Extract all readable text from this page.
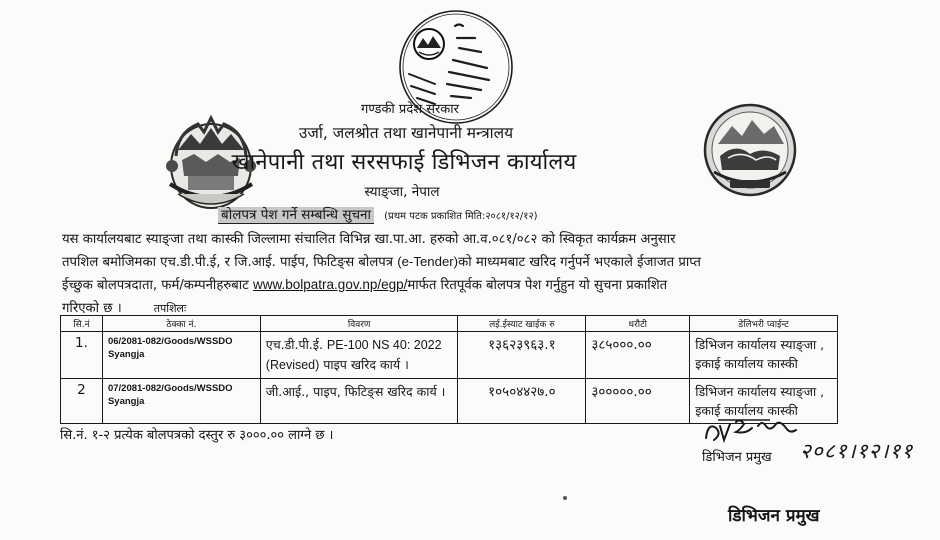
गण्डकी प्रदेश सरकार
उर्जा, जलश्रोत तथा खानेपानी मन्त्रालय
खानेपानी तथा सरसफाई डिभिजन कार्यालय
स्याङ्जा, नेपाल
बोलपत्र पेश गर्ने सम्बन्धि सुचना (प्रथम पटक प्रकाशित मिति:२०८१/१२/१२)
यस कार्यालयबाट स्याङ्जा तथा कास्की जिल्लामा संचालित विभिन्न खा.पा.आ. हरुको आ.व.०८१/०८२ को स्विकृत कार्यक्रम अनुसार
तपशिल बमोजिमका एच.डी.पी.ई, र जि.आई. पाईप, फिटिङ्स बोलपत्र (e-Tender)को माध्यमबाट खरिद गर्नुपर्ने भएकाले ईजाजत प्राप्त
ईच्छुक बोलपत्रदाता, फर्म/कम्पनीहरुबाट www.bolpatra.gov.np/egp/मार्फत रितपूर्वक बोलपत्र पेश गर्नुहुन यो सुचना प्रकाशित
गरिएको छ ।	तपशिलः
सि.नं	ठेक्का नं.	विवरण	लई.ईस्याट खाईक रु	धरौटी	डेलिभरी प्वाईन्ट
1.	06/2081-082/Goods/WSSDO Syangja	एच.डी.पी.ई. PE-100 NS 40: 2022 (Revised) पाइप खरिद कार्य ।	१३६२३९६३.१	३८५०००.००	डिभिजन कार्यालय स्याङ्जा , इकाई कार्यालय कास्की
2	07/2081-082/Goods/WSSDO Syangja	जी.आई., पाइप, फिटिङ्स खरिद कार्य ।	१०५०४४२७.०	३०००००.००	डिभिजन कार्यालय स्याङ्जा , इकाई कार्यालय कास्की
सि.नं. १-२ प्रत्येक बोलपत्रको दस्तुर रु ३०००.०० लाग्ने छ ।
डिभिजन प्रमुख २०८१।१२।११
डिभिजन प्रमुख
